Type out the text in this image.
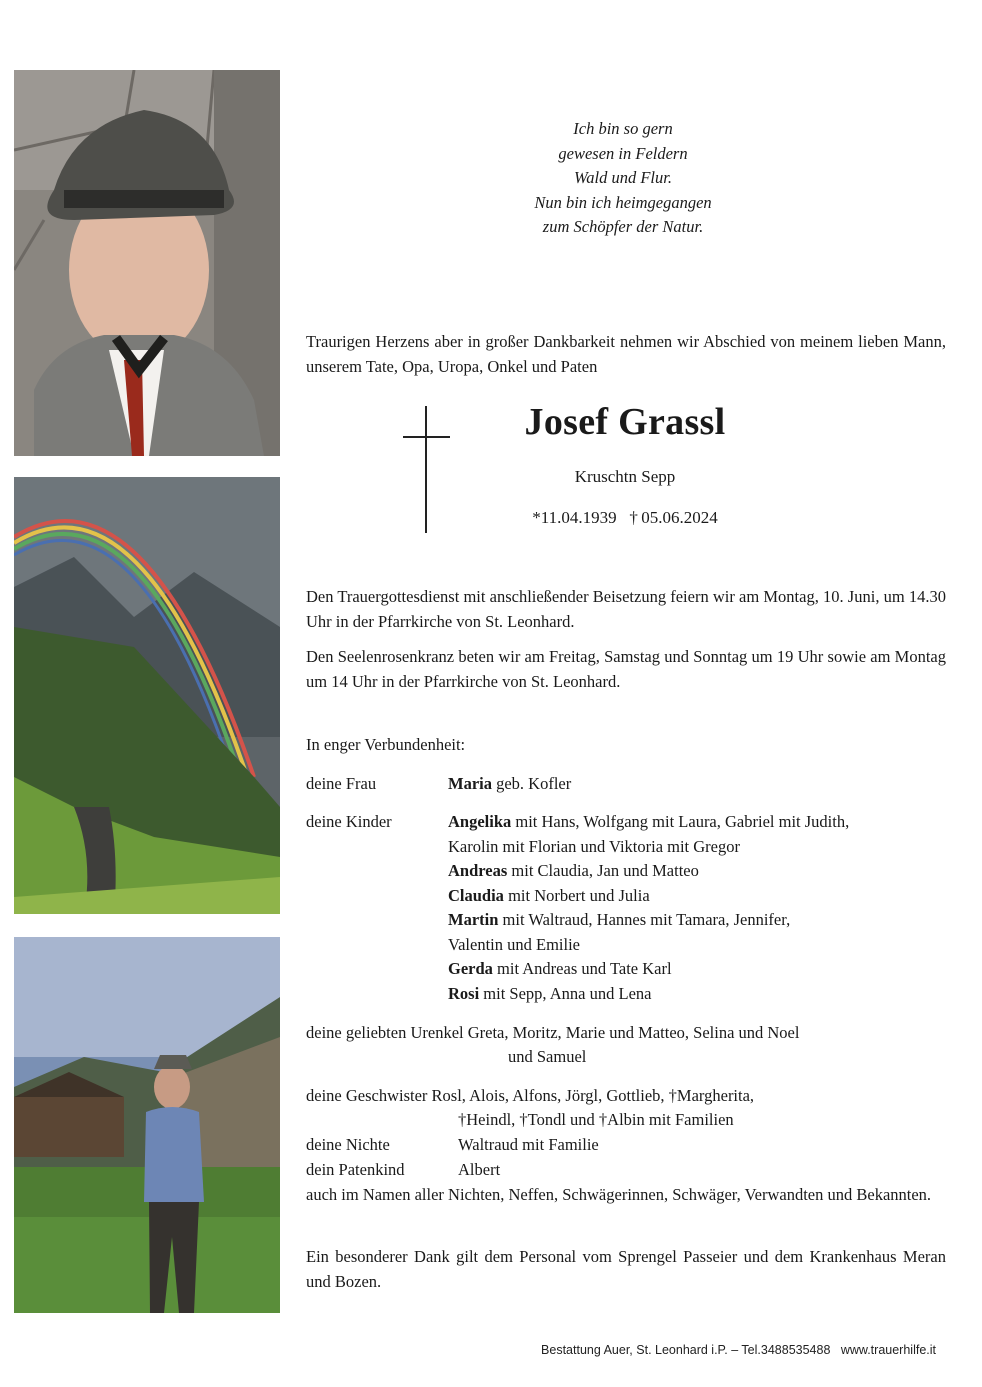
Ich bin so gern
gewesen in Feldern
Wald und Flur.
Nun bin ich heimgegangen
zum Schöpfer der Natur.
Traurigen Herzens aber in großer Dankbarkeit nehmen wir Abschied von meinem lieben Mann, unserem Tate, Opa, Uropa, Onkel und Paten
Josef Grassl
Kruschtn Sepp
*11.04.1939   † 05.06.2024
Den Trauergottesdienst mit anschließender Beisetzung feiern wir am Montag, 10. Juni, um 14.30 Uhr in der Pfarrkirche von St. Leonhard.
Den Seelenrosenkranz beten wir am Freitag, Samstag und Sonntag um 19 Uhr sowie am Montag um 14 Uhr in der Pfarrkirche von St. Leonhard.
In enger Verbundenheit:
deine Frau	Maria geb. Kofler
deine Kinder	Angelika mit Hans, Wolfgang mit Laura, Gabriel mit Judith,
Karolin mit Florian und Viktoria mit Gregor
Andreas mit Claudia, Jan und Matteo
Claudia mit Norbert und Julia
Martin mit Waltraud, Hannes mit Tamara, Jennifer,
Valentin und Emilie
Gerda mit Andreas und Tate Karl
Rosi mit Sepp, Anna und Lena
deine geliebten Urenkel Greta, Moritz, Marie und Matteo, Selina und Noel
und Samuel
deine Geschwister Rosl, Alois, Alfons, Jörgl, Gottlieb, †Margherita,
†Heindl, †Tondl und †Albin mit Familien
deine Nichte	Waltraud mit Familie
dein Patenkind	Albert
auch im Namen aller Nichten, Neffen, Schwägerinnen, Schwäger, Verwandten und Bekannten.
Ein besonderer Dank gilt dem Personal vom Sprengel Passeier und dem Krankenhaus Meran und Bozen.
Bestattung Auer, St. Leonhard i.P. – Tel.3488535488   www.trauerhilfe.it
